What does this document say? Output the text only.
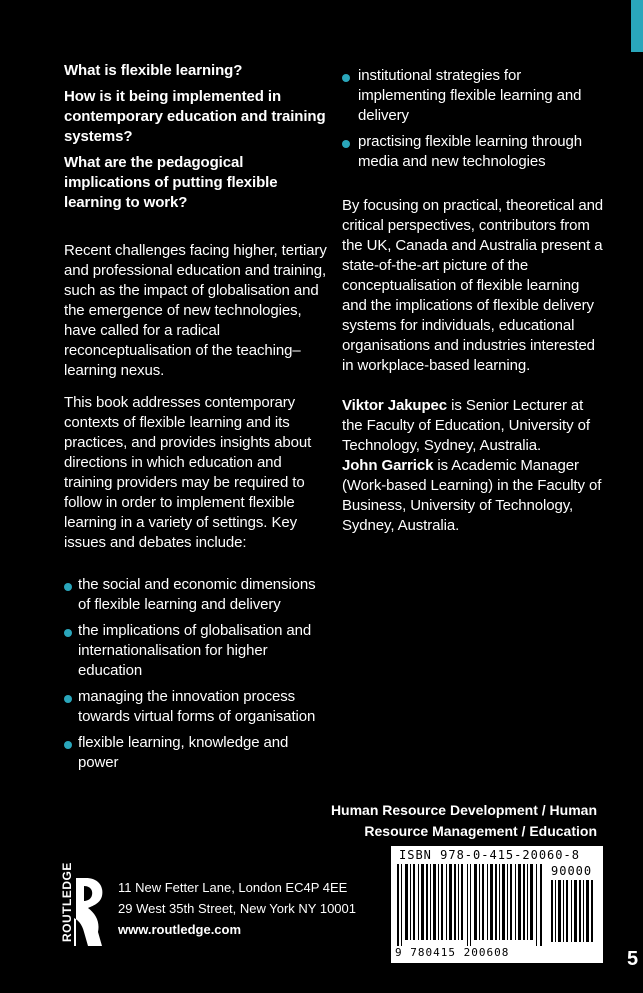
What is flexible learning?

How is it being implemented in contemporary education and training systems?

What are the pedagogical implications of putting flexible learning to work?

Recent challenges facing higher, tertiary and professional education and training, such as the impact of globalisation and the emergence of new technologies, have called for a radical reconceptualisation of the teaching–learning nexus.

This book addresses contemporary contexts of flexible learning and its practices, and provides insights about directions in which education and training providers may be required to follow in order to implement flexible learning in a variety of settings. Key issues and debates include:

the social and economic dimensions of flexible learning and delivery
the implications of globalisation and internationalisation for higher education
managing the innovation process towards virtual forms of organisation
flexible learning, knowledge and power
institutional strategies for implementing flexible learning and delivery
practising flexible learning through media and new technologies

By focusing on practical, theoretical and critical perspectives, contributors from the UK, Canada and Australia present a state-of-the-art picture of the conceptualisation of flexible learning and the implications of flexible delivery systems for individuals, educational organisations and industries interested in workplace-based learning.

Viktor Jakupec is Senior Lecturer at the Faculty of Education, University of Technology, Sydney, Australia.

John Garrick is Academic Manager (Work-based Learning) in the Faculty of Business, University of Technology, Sydney, Australia.

Human Resource Development / Human
Resource Management / Education
ROUTLEDGE	11 New Fetter Lane, London EC4P 4EE
29 West 35th Street, New York NY 10001
www.routledge.com
ISBN 978-0-415-20060-8
90000
9 780415 200608	5
